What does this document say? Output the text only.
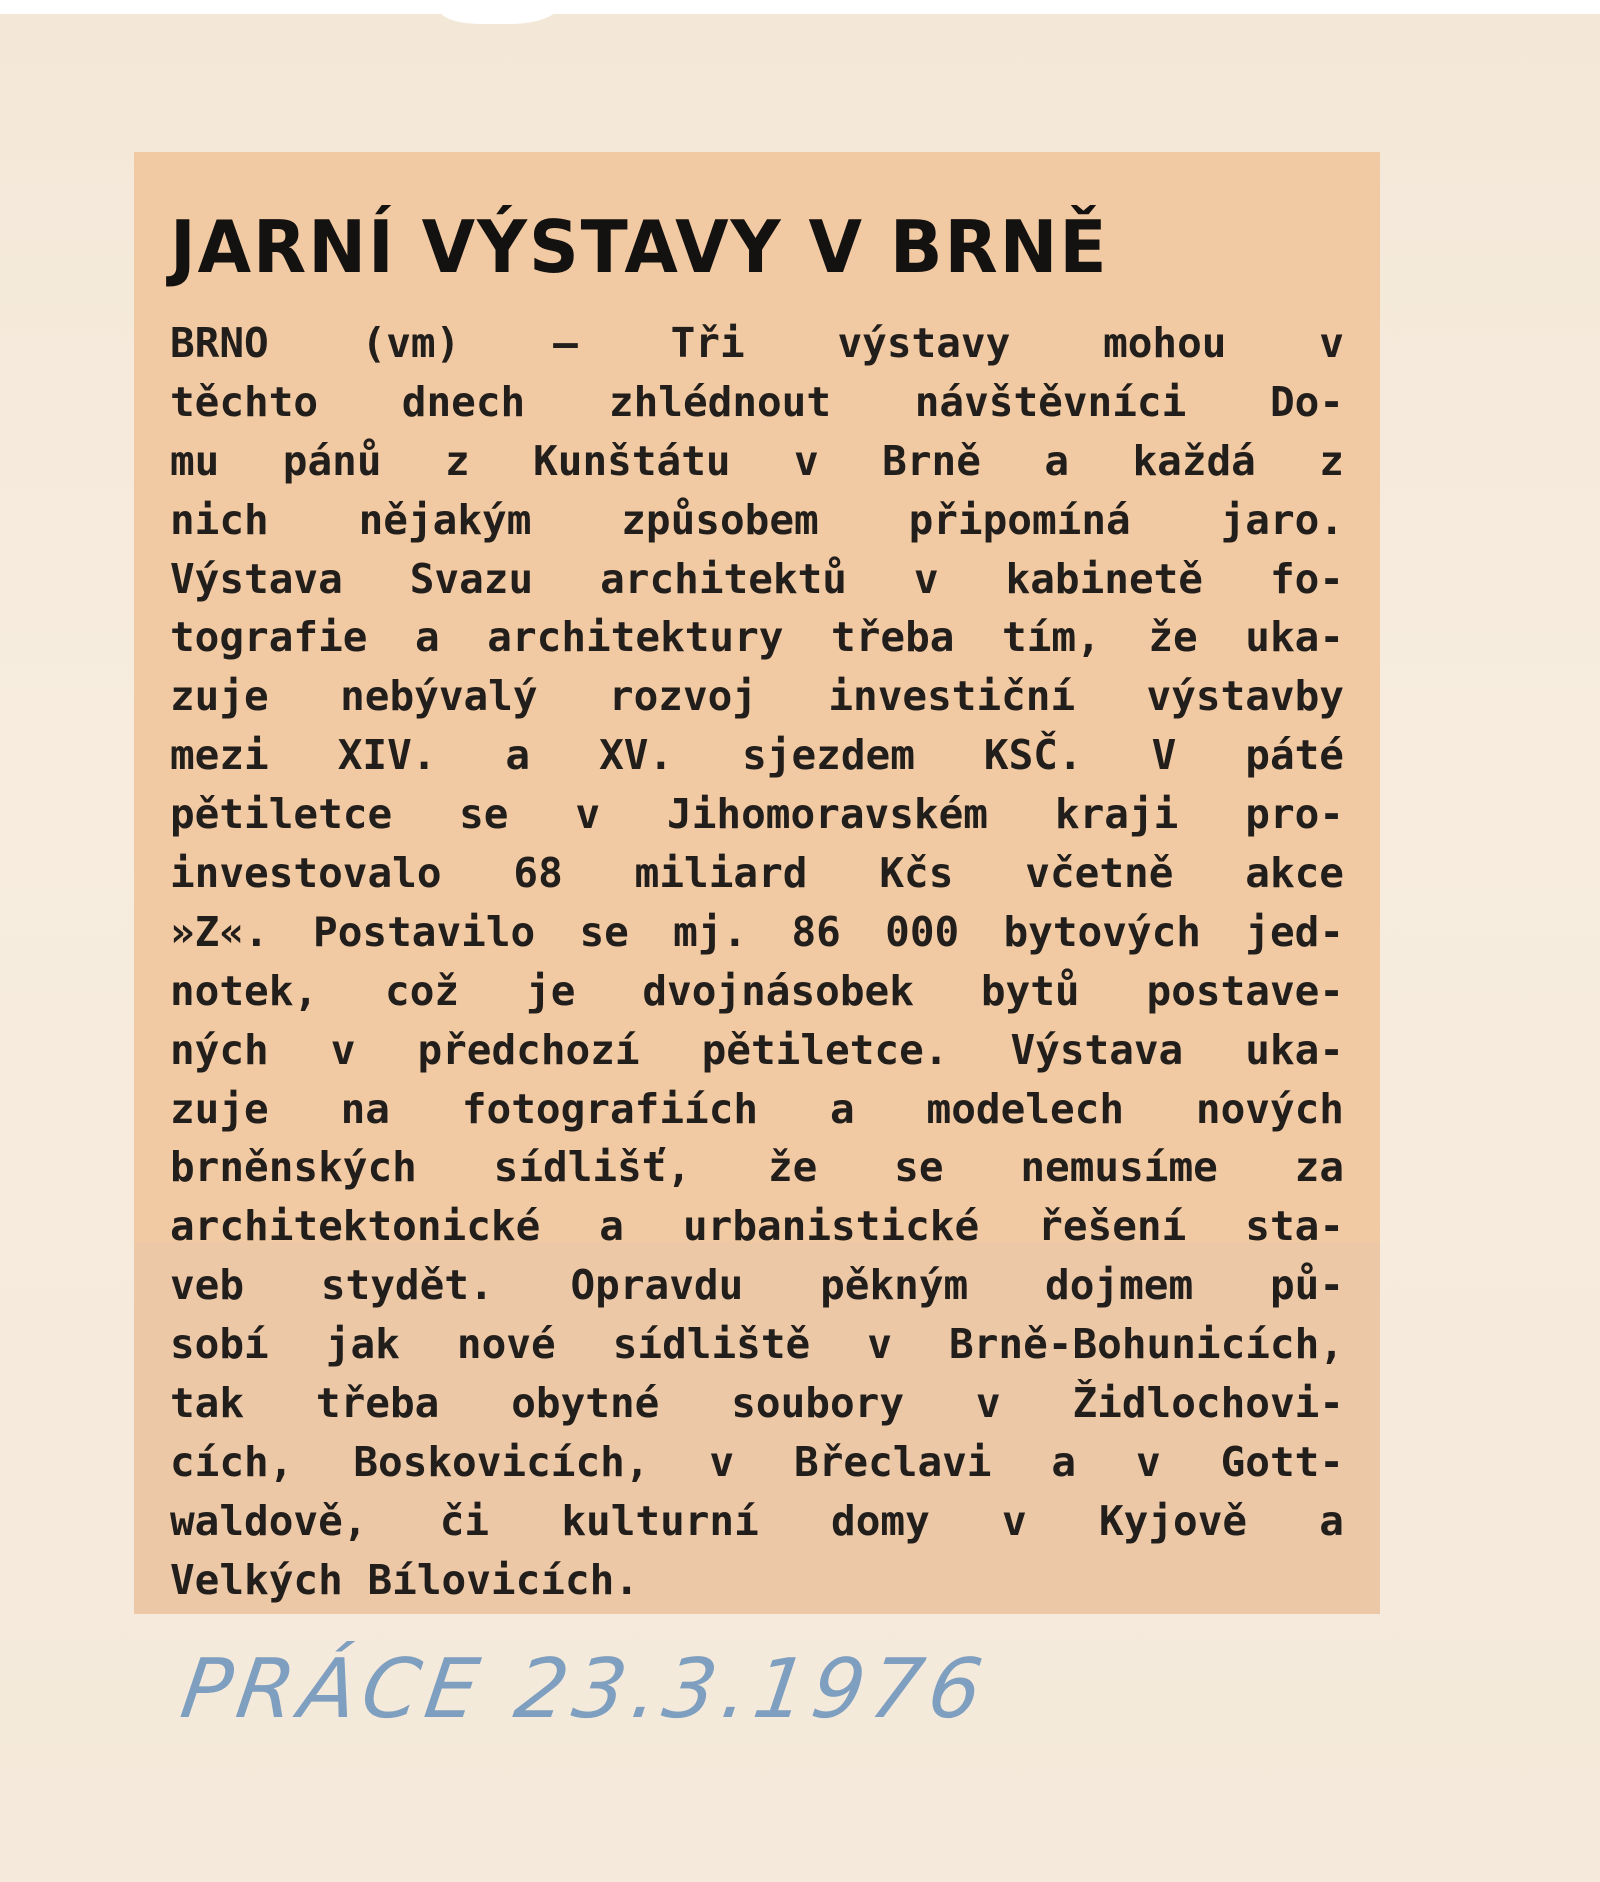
JARNÍ VÝSTAVY V BRNĚ
BRNO (vm) — Tři výstavy mohou v
těchto dnech zhlédnout návštěvníci Do-
mu pánů z Kunštátu v Brně a každá z
nich nějakým způsobem připomíná jaro.
Výstava Svazu architektů v kabinetě fo-
tografie a architektury třeba tím, že uka-
zuje nebývalý rozvoj investiční výstavby
mezi XIV. a XV. sjezdem KSČ. V páté
pětiletce se v Jihomoravském kraji pro-
investovalo 68 miliard Kčs včetně akce
»Z«. Postavilo se mj. 86 000 bytových jed-
notek, což je dvojnásobek bytů postave-
ných v předchozí pětiletce. Výstava uka-
zuje na fotografiích a modelech nových
brněnských sídlišť, že se nemusíme za
architektonické a urbanistické řešení sta-
veb stydět. Opravdu pěkným dojmem pů-
sobí jak nové sídliště v Brně-Bohunicích,
tak třeba obytné soubory v Židlochovi-
cích, Boskovicích, v Břeclavi a v Gott-
waldově, či kulturní domy v Kyjově a
Velkých Bílovicích.
PRÁCE 23.3.1976
